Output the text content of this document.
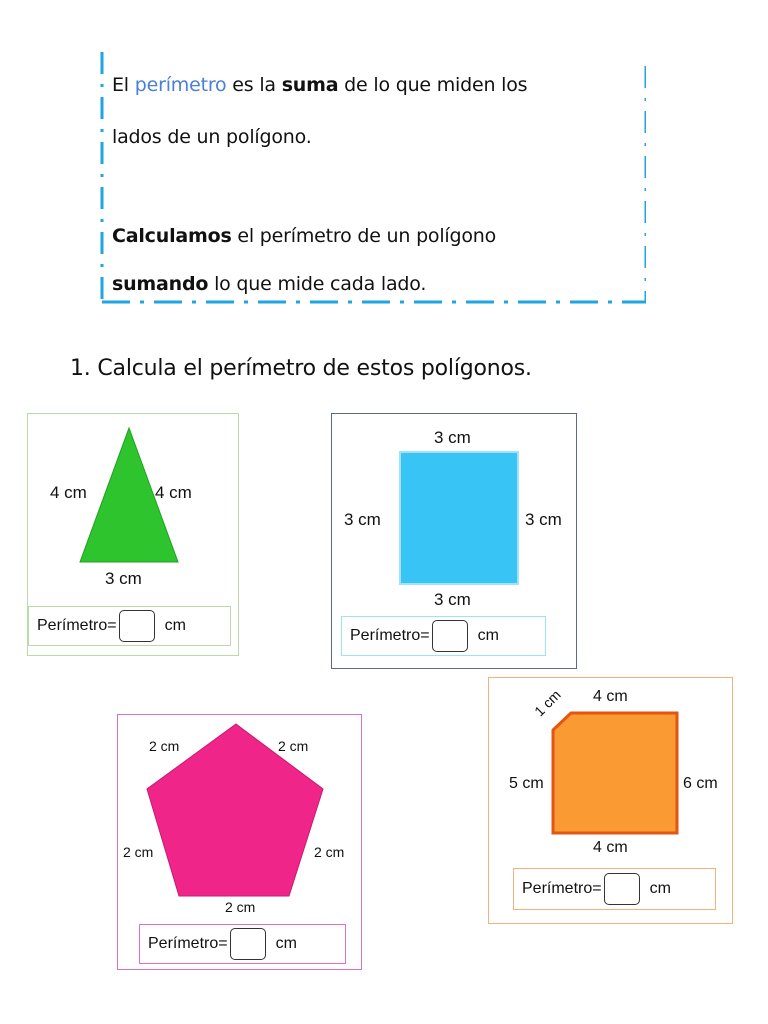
El perímetro es la suma de lo que miden los
lados de un polígono.
Calculamos el perímetro de un polígono
sumando lo que mide cada lado.
1. Calcula el perímetro de estos polígonos.
4 cm	4 cm
3 cm
Perímetro=	cm
3 cm
3 cm	3 cm
3 cm
Perímetro=	cm
2 cm	2 cm
2 cm	2 cm
2 cm
Perímetro=	cm
1 cm 4 cm
5 cm	6 cm
4 cm
Perímetro=	cm
